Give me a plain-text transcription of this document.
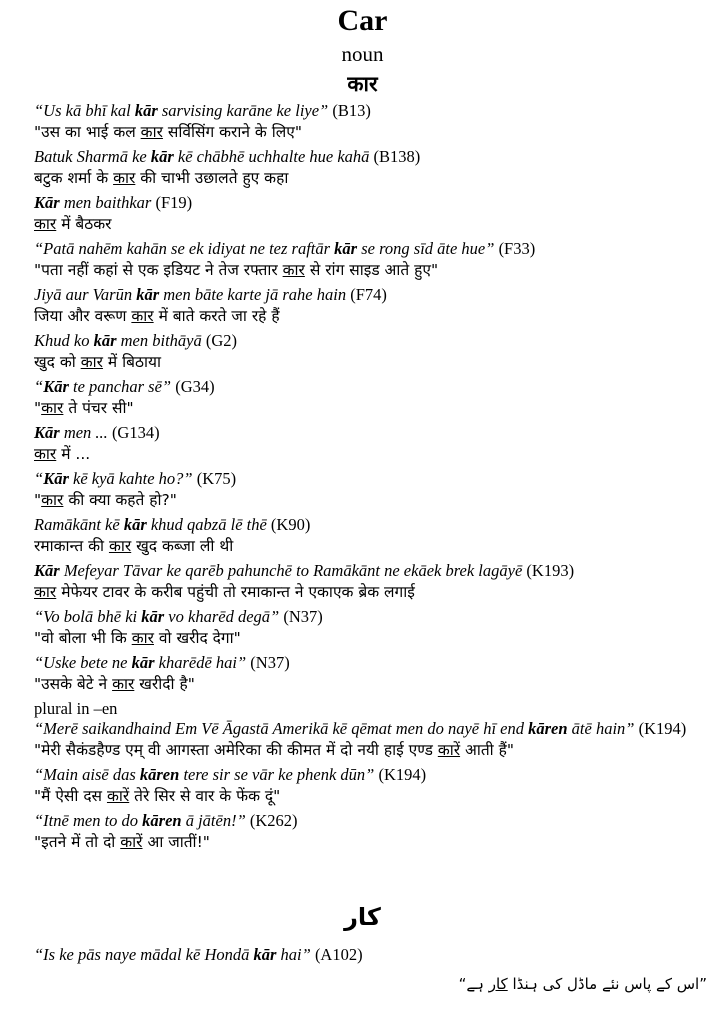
Car
noun
कार
“Us kā bhī kal kār sarvising karāne ke liye” (B13)
"उस का भाई कल कार सर्विसिंग कराने के लिए"
Batuk Sharmā ke kār kē chābhē uchhalte hue kahā (B138)
बटुक शर्मा के कार की चाभी उछालते हुए कहा
Kār men baithkar (F19)
कार में बैठकर
“Patā nahēm kahān se ek idiyat ne tez raftār kār se rong sīd āte hue” (F33)
"पता नहीं कहां से एक इडियट ने तेज रफ्तार कार से रांग साइड आते हुए"
Jiyā aur Varūn kār men bāte karte jā rahe hain (F74)
जिया और वरूण कार में बाते करते जा रहे हैं
Khud ko kār men bithāyā (G2)
खुद को कार में बिठाया
“Kār te panchar sē” (G34)
"कार ते पंचर सी"
Kār men ... (G134)
कार में ...
“Kār kē kyā kahte ho?” (K75)
"कार की क्या कहते हो?"
Ramākānt kē kār khud qabzā lē thē (K90)
रमाकान्त की कार खुद कब्जा ली थी
Kār Mefeyar Tāvar ke qarēb pahunchē to Ramākānt ne ekāek brek lagāyē (K193)
कार मेफेयर टावर के करीब पहुंची तो रमाकान्त ने एकाएक ब्रेक लगाई
“Vo bolā bhē ki kār vo kharēd degā” (N37)
"वो बोला भी कि कार वो खरीद देगा"
“Uske bete ne kār kharēdē hai” (N37)
"उसके बेटे ने कार खरीदी है"
plural in –en
“Merē saikandhaind Em Vē Āgastā Amerikā kē qēmat men do nayē hī end kāren ātē hain” (K194)
"मेरी सैकंडहैण्ड एम् वी आगस्ता अमेरिका की कीमत में दो नयी हाई एण्ड कारें आती हैं"
“Main aisē das kāren tere sir se vār ke phenk dūn” (K194)
"मैं ऐसी दस कारें तेरे सिर से वार के फेंक दूं"
“Itnē men to do kāren ā jātēn!” (K262)
"इतने में तो दो कारें आ जातीं!"
کار
“Is ke pās naye mādal kē Hondā kār hai” (A102)
”اس کے پاس نئے ماڈل کی ہنڈا کار ہے“
